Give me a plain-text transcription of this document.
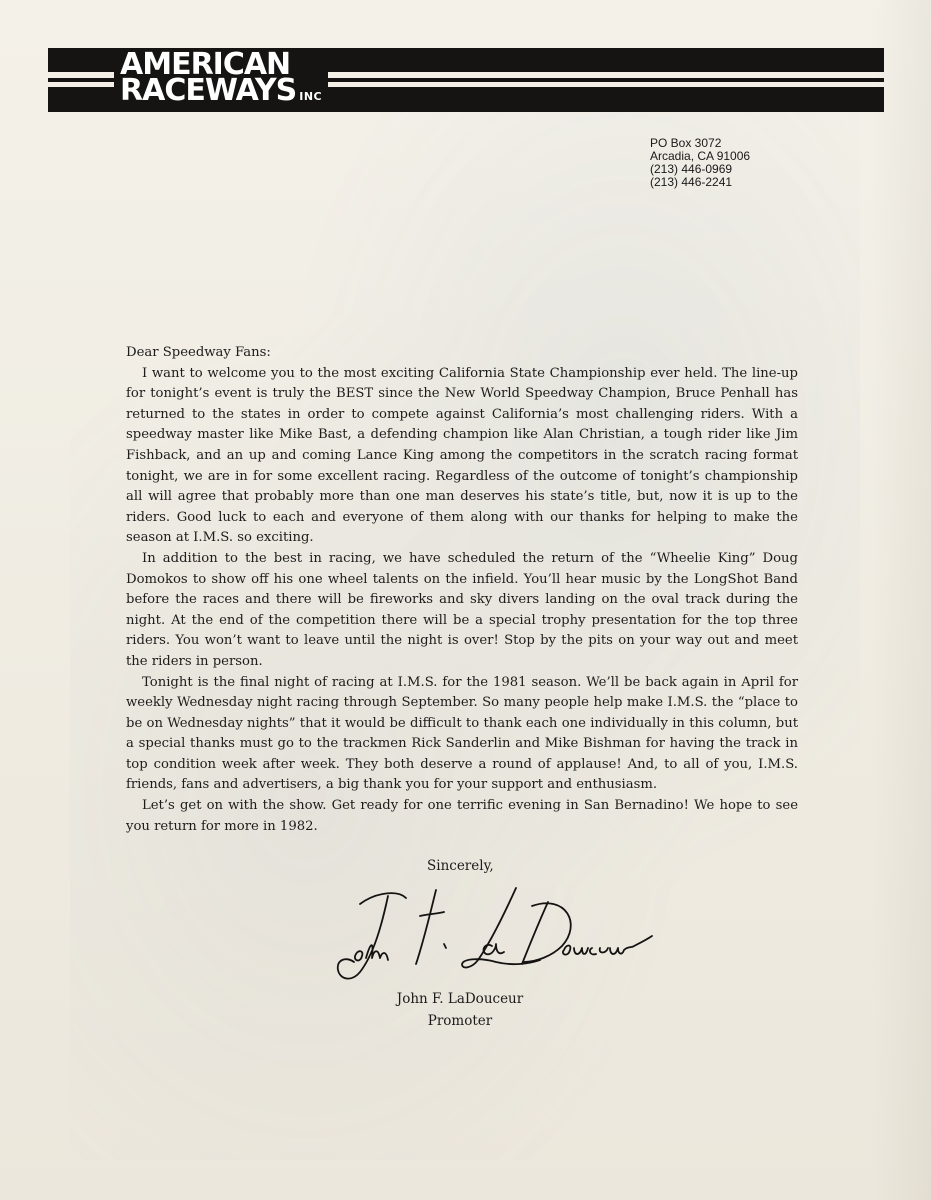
AMERICAN
RACEWAYS INC
PO Box 3072
Arcadia, CA 91006
(213) 446-0969
(213) 446-2241

Dear Speedway Fans:

I want to welcome you to the most exciting California State Championship ever held. The line-up for tonight’s event is truly the BEST since the New World Speedway Champion, Bruce Penhall has returned to the states in order to compete against California’s most challenging riders. With a speedway master like Mike Bast, a defending champion like Alan Christian, a tough rider like Jim Fishback, and an up and coming Lance King among the competitors in the scratch racing format tonight, we are in for some excellent racing. Regardless of the outcome of tonight’s championship all will agree that probably more than one man deserves his state’s title, but, now it is up to the riders. Good luck to each and everyone of them along with our thanks for helping to make the season at I.M.S. so exciting.

In addition to the best in racing, we have scheduled the return of the “Wheelie King” Doug Domokos to show off his one wheel talents on the infield. You’ll hear music by the LongShot Band before the races and there will be fireworks and sky divers landing on the oval track during the night. At the end of the competition there will be a special trophy presentation for the top three riders. You won’t want to leave until the night is over! Stop by the pits on your way out and meet the riders in person.

Tonight is the final night of racing at I.M.S. for the 1981 season. We’ll be back again in April for weekly Wednesday night racing through September. So many people help make I.M.S. the “place to be on Wednesday nights” that it would be difficult to thank each one individually in this column, but a special thanks must go to the trackmen Rick Sanderlin and Mike Bishman for having the track in top condition week after week. They both deserve a round of applause! And, to all of you, I.M.S. friends, fans and advertisers, a big thank you for your support and enthusiasm.

Let’s get on with the show. Get ready for one terrific evening in San Bernadino! We hope to see you return for more in 1982.

Sincerely,
John F. LaDouceur
Promoter
